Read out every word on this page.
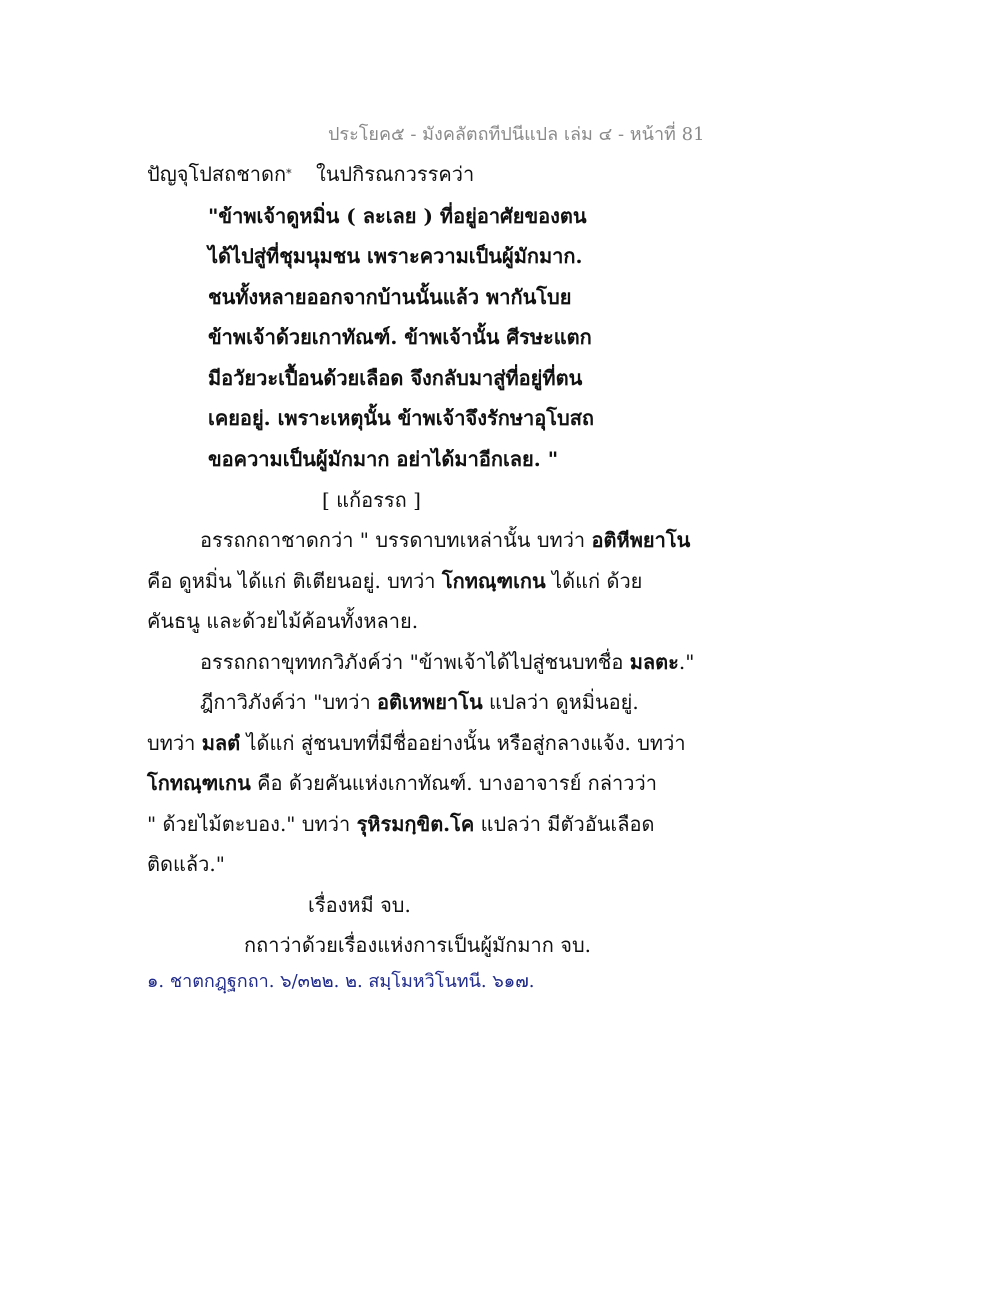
ประโยค๕ - มังคลัตถทีปนีแปล เล่ม ๔ - หน้าที่ 81
ปัญจุโปสถชาดก* ในปกิรณกวรรคว่า
"ข้าพเจ้าดูหมิ่น ( ละเลย ) ที่อยู่อาศัยของตน
ได้ไปสู่ที่ชุมนุมชน เพราะความเป็นผู้มักมาก.
ชนทั้งหลายออกจากบ้านนั้นแล้ว พากันโบย
ข้าพเจ้าด้วยเกาทัณฑ์. ข้าพเจ้านั้น ศีรษะแตก
มีอวัยวะเปื้อนด้วยเลือด จึงกลับมาสู่ที่อยู่ที่ตน
เคยอยู่. เพราะเหตุนั้น ข้าพเจ้าจึงรักษาอุโบสถ
ขอความเป็นผู้มักมาก อย่าได้มาอีกเลย. "
[ แก้อรรถ ]
อรรถกถาชาดกว่า " บรรดาบทเหล่านั้น บทว่า อติหีพยาโน
คือ ดูหมิ่น ได้แก่ ติเตียนอยู่. บทว่า โกทณฺฑเกน ได้แก่ ด้วย
คันธนู และด้วยไม้ค้อนทั้งหลาย.
อรรถกถาขุททกวิภังค์ว่า "ข้าพเจ้าได้ไปสู่ชนบทชื่อ มลตะ."
ฎีกาวิภังค์ว่า "บทว่า อติเหพยาโน แปลว่า ดูหมิ่นอยู่.
บทว่า มลตํ ได้แก่ สู่ชนบทที่มีชื่ออย่างนั้น หรือสู่กลางแจ้ง. บทว่า
โกทณฺฑเกน คือ ด้วยคันแห่งเกาทัณฑ์. บางอาจารย์ กล่าวว่า
" ด้วยไม้ตะบอง." บทว่า รุหิรมกฺขิต.โค แปลว่า มีตัวอันเลือด
ติดแล้ว."
เรื่องหมี จบ.
กถาว่าด้วยเรื่องแห่งการเป็นผู้มักมาก จบ.
๑. ชาตกฎฺฐกถา. ๖/๓๒๒. ๒. สมฺโมหวิโนทนี. ๖๑๗.
